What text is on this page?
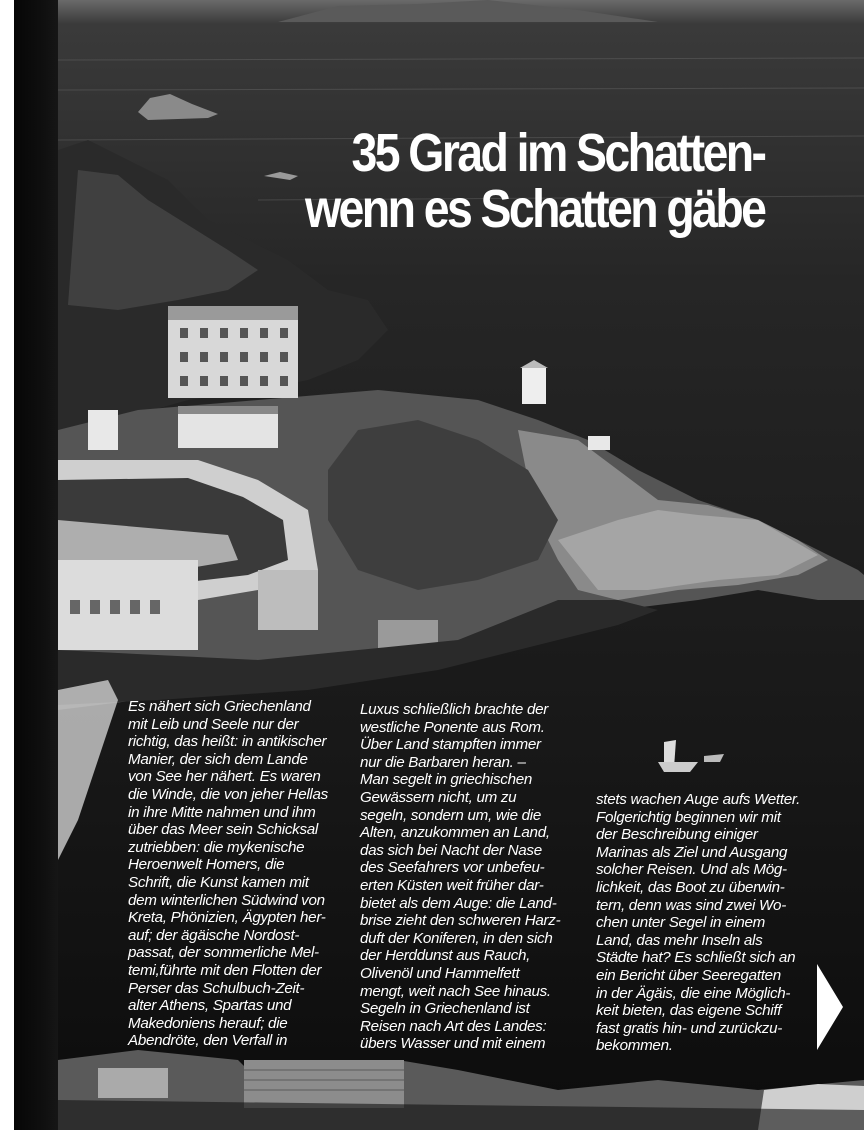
35 Grad im Schatten-
wenn es Schatten gäbe
Es nähert sich Griechenland
mit Leib und Seele nur der
richtig, das heißt: in antikischer
Manier, der sich dem Lande
von See her nähert. Es waren
die Winde, die von jeher Hellas
in ihre Mitte nahmen und ihm
über das Meer sein Schicksal
zutriebben: die mykenische
Heroenwelt Homers, die
Schrift, die Kunst kamen mit
dem winterlichen Südwind von
Kreta, Phönizien, Ägypten her-
auf; der ägäische Nordost-
passat, der sommerliche Mel-
temi,führte mit den Flotten der
Perser das Schulbuch-Zeit-
alter Athens, Spartas und
Makedoniens herauf; die
Abendröte, den Verfall in
Luxus schließlich brachte der
westliche Ponente aus Rom.
Über Land stampften immer
nur die Barbaren heran. –
Man segelt in griechischen
Gewässern nicht, um zu
segeln, sondern um, wie die
Alten, anzukommen an Land,
das sich bei Nacht der Nase
des Seefahrers vor unbefeu-
erten Küsten weit früher dar-
bietet als dem Auge: die Land-
brise zieht den schweren Harz-
duft der Koniferen, in den sich
der Herddunst aus Rauch,
Olivenöl und Hammelfett
mengt, weit nach See hinaus.
Segeln in Griechenland ist
Reisen nach Art des Landes:
übers Wasser und mit einem
stets wachen Auge aufs Wetter.
Folgerichtig beginnen wir mit
der Beschreibung einiger
Marinas als Ziel und Ausgang
solcher Reisen. Und als Mög-
lichkeit, das Boot zu überwin-
tern, denn was sind zwei Wo-
chen unter Segel in einem
Land, das mehr Inseln als
Städte hat? Es schließt sich an
ein Bericht über Seeregatten
in der Ägäis, die eine Möglich-
keit bieten, das eigene Schiff
fast gratis hin- und zurückzu-
bekommen.
